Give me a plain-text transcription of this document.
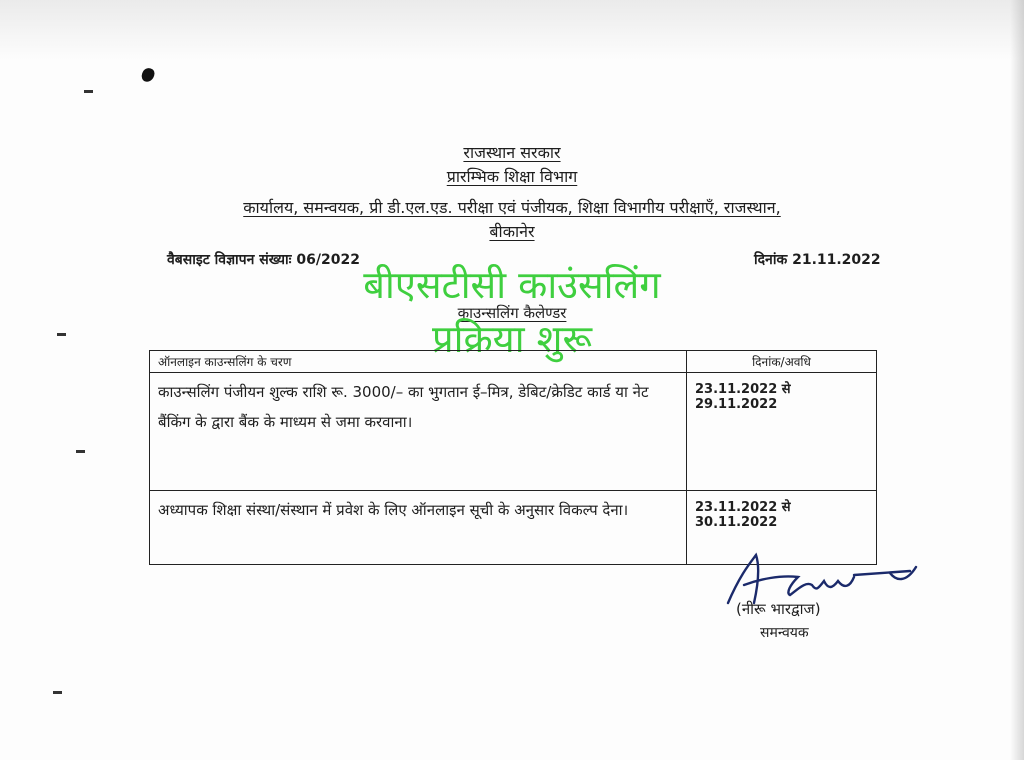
राजस्थान सरकार
प्रारम्भिक शिक्षा विभाग
कार्यालय, समन्वयक, प्री डी.एल.एड. परीक्षा एवं पंजीयक, शिक्षा विभागीय परीक्षाएँ, राजस्थान,
बीकानेर
वैबसाइट विज्ञापन संख्याः 06/2022	दिनांक 21.11.2022
काउन्सलिंग कैलेण्डर
बीएसटीसी काउंसलिंग
प्रक्रिया शुरू
ऑनलाइन काउन्सलिंग के चरण	दिनांक/अवधि
काउन्सलिंग पंजीयन शुल्क राशि रू. 3000/– का भुगतान ई–मित्र, डेबिट/क्रेडिट कार्ड या नेट बैंकिंग के द्वारा बैंक के माध्यम से जमा करवाना।	23.11.2022 से 29.11.2022
अध्यापक शिक्षा संस्था/संस्थान में प्रवेश के लिए ऑनलाइन सूची के अनुसार विकल्प देना।	23.11.2022 से 30.11.2022
(नीरू भारद्वाज)
समन्वयक
